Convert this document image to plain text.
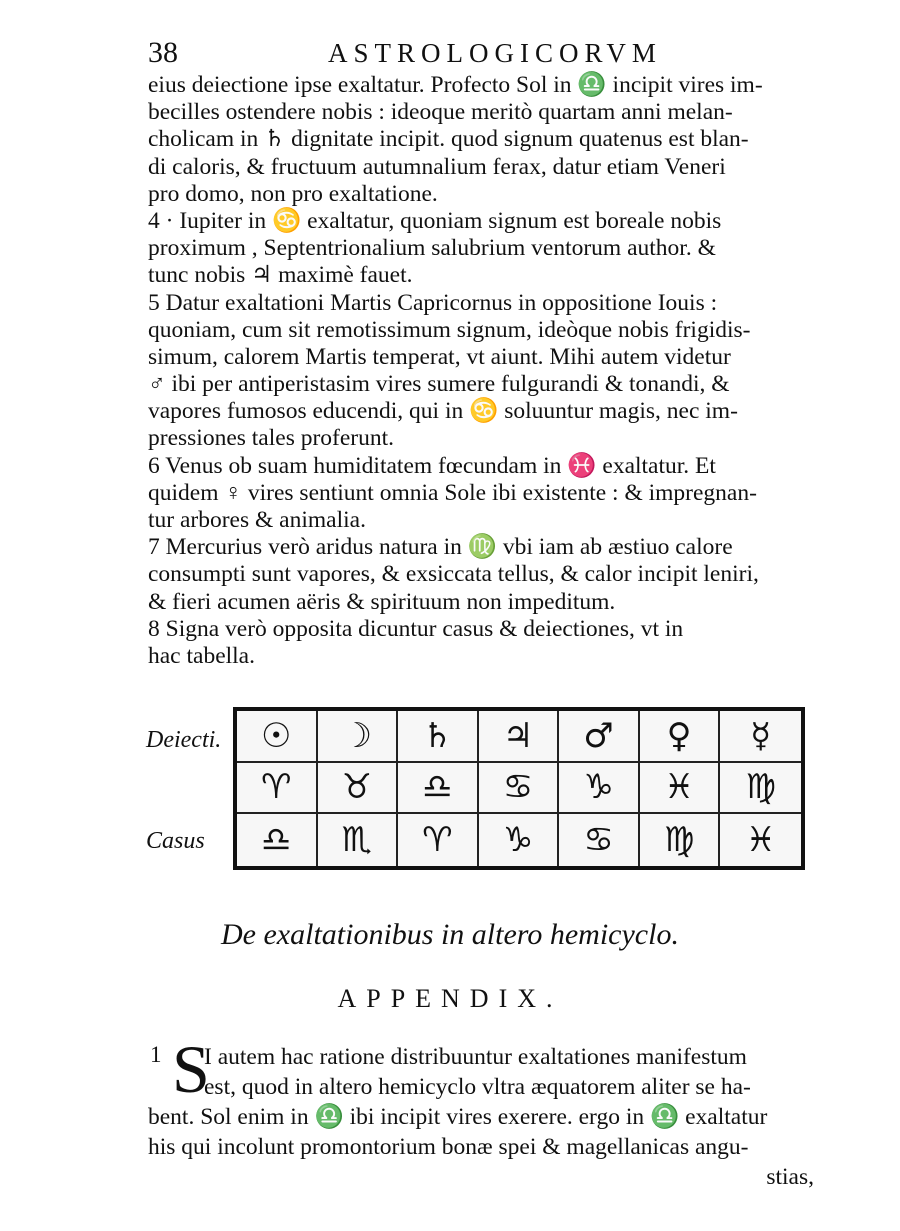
38	ASTROLOGICORVM
eius deiectione ipse exaltatur. Profecto Sol in ♎ incipit vires im-
becilles ostendere nobis : ideoque meritò quartam anni melan-
cholicam in ♄ dignitate incipit. quod signum quatenus est blan-
di caloris, & fructuum autumnalium ferax, datur etiam Veneri
pro domo, non pro exaltatione.
4 · Iupiter in ♋ exaltatur, quoniam signum est boreale nobis
proximum , Septentrionalium salubrium ventorum author. &
tunc nobis ♃ maximè fauet.
5 Datur exaltationi Martis Capricornus in oppositione Iouis :
quoniam, cum sit remotissimum signum, ideòque nobis frigidis-
simum, calorem Martis temperat, vt aiunt. Mihi autem videtur
♂ ibi per antiperistasim vires sumere fulgurandi & tonandi, &
vapores fumosos educendi, qui in ♋ soluuntur magis, nec im-
pressiones tales proferunt.
6 Venus ob suam humiditatem fœcundam in ♓ exaltatur. Et
quidem ♀ vires sentiunt omnia Sole ibi existente : & impregnan-
tur arbores & animalia.
7 Mercurius verò aridus natura in ♍ vbi iam ab æstiuo calore
consumpti sunt vapores, & exsiccata tellus, & calor incipit leniri,
& fieri acumen aëris & spirituum non impeditum.
8 Signa verò opposita dicuntur casus & deiectiones, vt in
hac tabella.
Deiecti.
Casus
☉	☽	♄	♃	♂	♀	☿
♈	♉	♎	♋	♑	♓	♍
♎	♏	♈	♑	♋	♍	♓
De exaltationibus in altero hemicyclo.
APPENDIX.
1 S
I autem hac ratione distribuuntur exaltationes manifestum
est, quod in altero hemicyclo vltra æquatorem aliter se ha-
bent. Sol enim in ♎ ibi incipit vires exerere. ergo in ♎ exaltatur
his qui incolunt promontorium bonæ spei & magellanicas angu-
stias,
